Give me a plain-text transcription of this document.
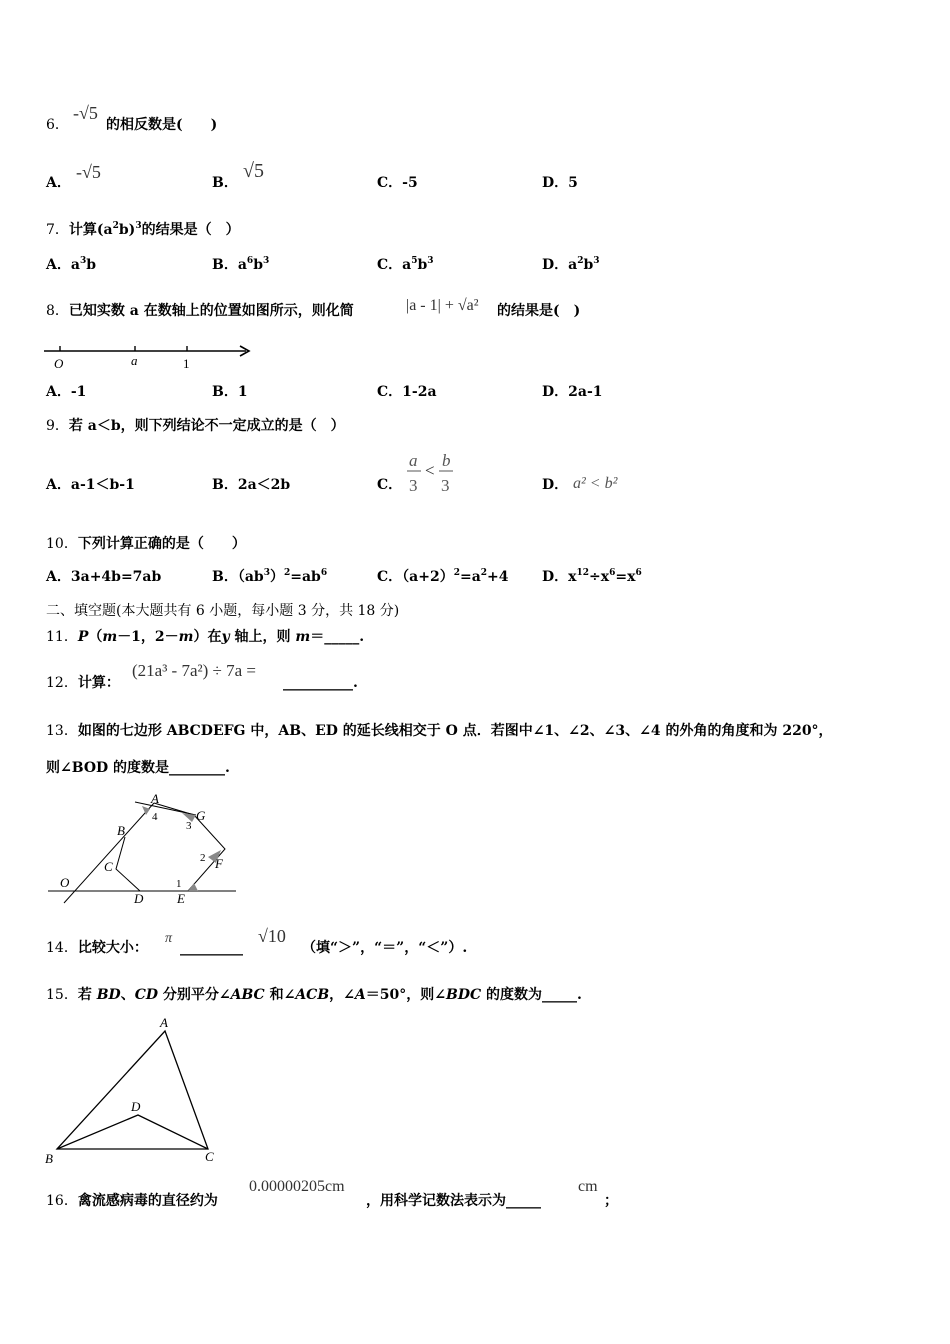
6．
-√5
的相反数是(　　)
A．
-√5
B．
√5
C．-5	D．5
7．计算$(a^2b)^3$的结果是（　）
A．$a^3b$	B．$a^6b^3$	C．$a^5b^3$	D．$a^2b^3$
8．已知实数 a 在数轴上的位置如图所示，则化简	|a - 1| + √a² 的结果是(　)
O	a	1
A．-1	B．1	C．1-2a	D．2a-1
9．若 a＜b，则下列结论不一定成立的是（　）
A．a-1＜b-1	B．2a＜2b	C．
a
3
<
b
3	D． a² < b²
10．下列计算正确的是（　　）
A．3a+4b=7ab	B．$(ab^3)^2=ab^6$	C．$(a+2)^2=a^2+4$ D．$x^{12}\div x^6=x^6$
二、填空题(本大题共有 6 小题，每小题 3 分，共 18 分)
11．P（m－1，2－m）在y 轴上，则 m＝_____.
12．计算：
(21a³ - 7a²) ÷ 7a =
__________.
13．如图的七边形 ABCDEFG 中，AB、ED 的延长线相交于 O 点．若图中∠1、∠2、∠3、∠4 的外角的角度和为 220°，
则∠BOD 的度数是________.
A
G
B
F
C
O
D	E
1
2
3
4
14．比较大小：
π
_________
√10
（填“＞”，“＝”，“＜”）.
15．若 BD、CD 分别平分∠ABC 和∠ACB，∠A＝50°，则∠BDC 的度数为_____.
A
D
B	C
16．禽流感病毒的直径约为
0.00000205cm
，用科学记数法表示为_____
cm
；
